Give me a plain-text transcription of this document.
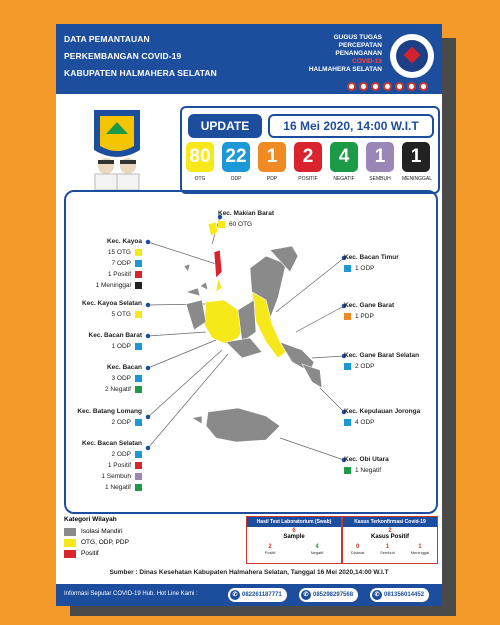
DATA PEMANTAUAN
PERKEMBANGAN COVID-19
KABUPATEN HALMAHERA SELATAN
GUGUS TUGAS
PERCEPATAN
PENANGANAN
COVID-19
HALMAHERA SELATAN
UPDATE	16 Mei 2020, 14:00 W.I.T
80
OTG
22
ODP
1
PDP
2
POSITIF
4
NEGATIF
1
SEMBUH
1
MENINGGAL
Kec. Makian Barat
60 OTG
Kec. Kayoa
15 OTG
7 ODP
1 Positif
1 Meninggal
Kec. Kayoa Selatan
5 OTG
Kec. Bacan Barat
1 ODP
Kec. Bacan
3 ODP
2 Negatif
Kec. Batang Lomang
2 ODP
Kec. Bacan Selatan
2 ODP
1 Positif
1 Sembuh
1 Negatif
Kec. Bacan Timur
1 ODP
Kec. Gane Barat
1 PDP
Kec. Gane Barat Selatan
2 ODP
Kec. Kepulauan Joronga
4 ODP
Kec. Obi Utara
1 Negatif
Kategori Wilayah
Isolasi Mandiri
OTG, ODP, PDP
Positif
Hasil Test Laboratorium (Swab)
6
Sample
2
Positif
4
Negatif
Kasus Terkonfirmasi Covid-19
2
Kasus Positif
0
Dirawat
1
Sembuh
1
Meninggal
Sumber : Dinas Kesehatan Kabupaten Halmahera Selatan, Tanggal 16 Mei 2020,14:00 W.I.T
Informasi Seputar COVID-19 Hub. Hot Line Kami :	✆ 082261187771	✆ 085298297568	✆ 081356014452
